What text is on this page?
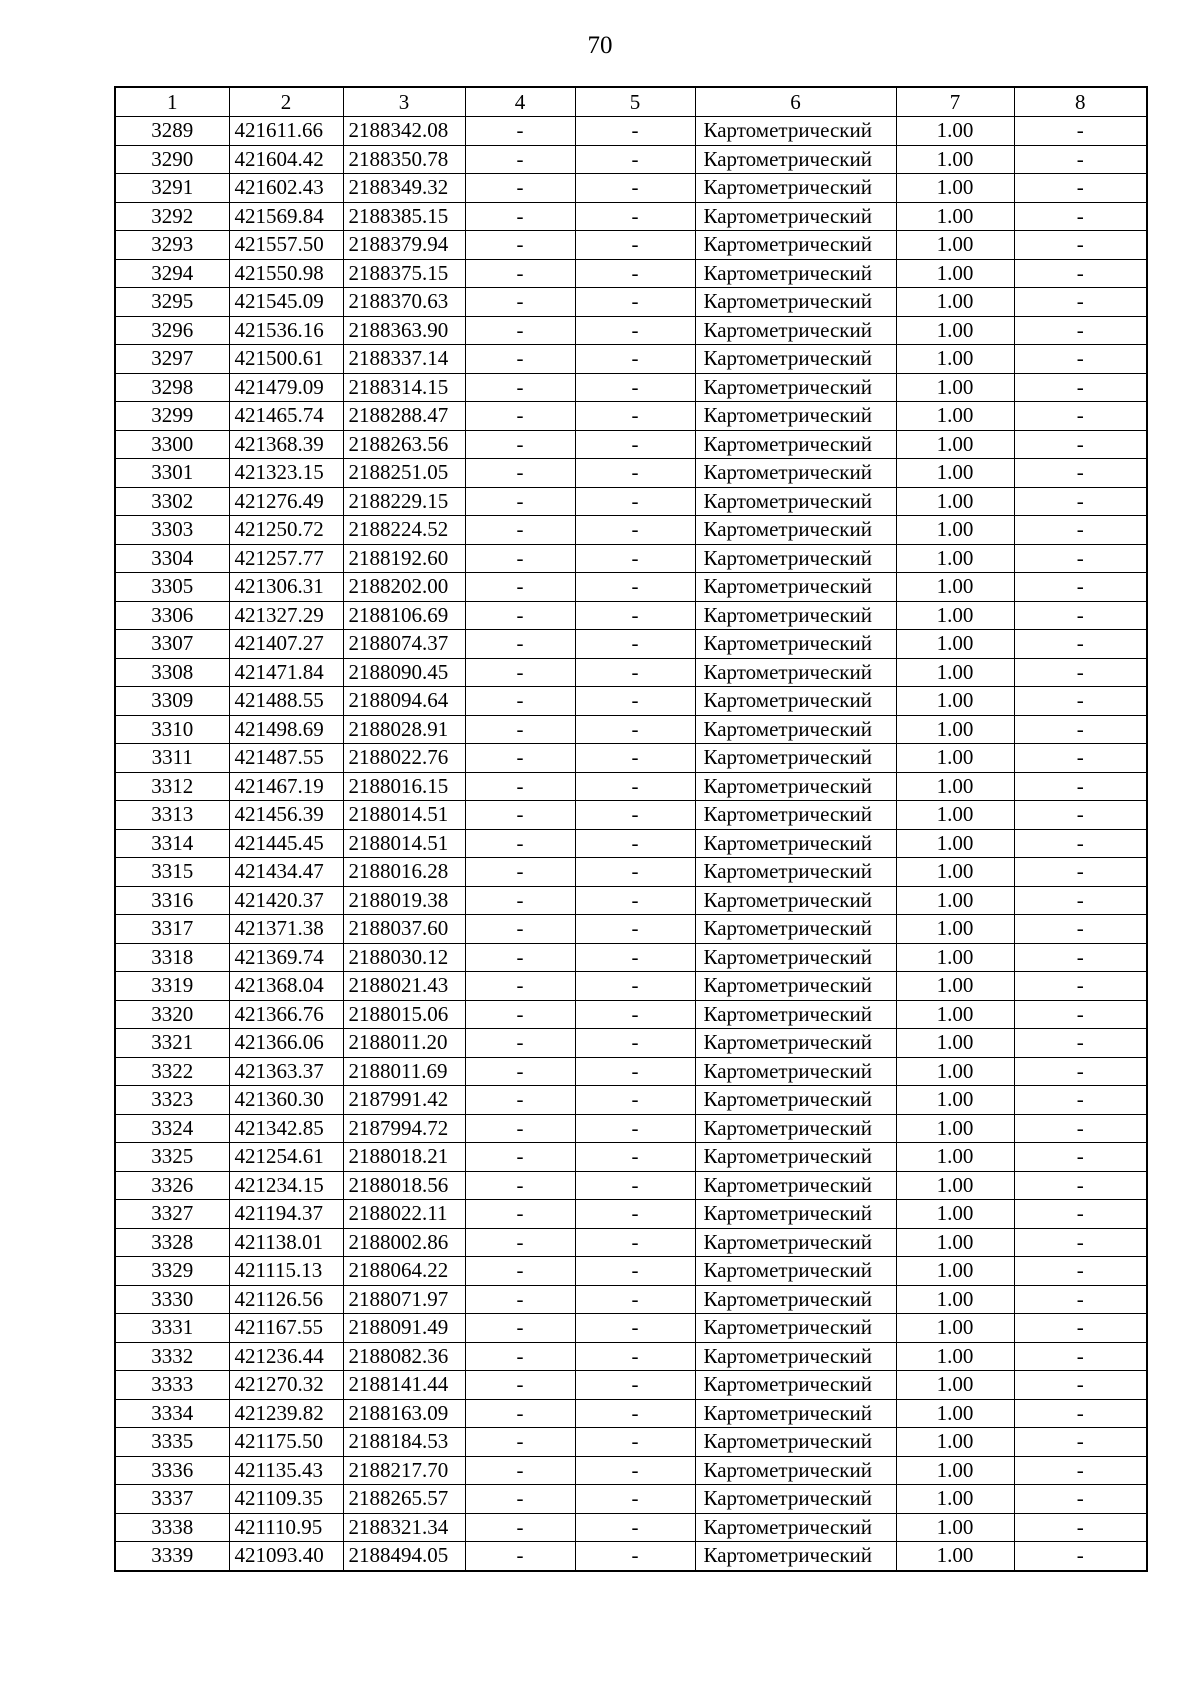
70
1	2	3	4	5	6	7	8
3289	421611.66	2188342.08	-	-	Картометрический	1.00	-
3290	421604.42	2188350.78	-	-	Картометрический	1.00	-
3291	421602.43	2188349.32	-	-	Картометрический	1.00	-
3292	421569.84	2188385.15	-	-	Картометрический	1.00	-
3293	421557.50	2188379.94	-	-	Картометрический	1.00	-
3294	421550.98	2188375.15	-	-	Картометрический	1.00	-
3295	421545.09	2188370.63	-	-	Картометрический	1.00	-
3296	421536.16	2188363.90	-	-	Картометрический	1.00	-
3297	421500.61	2188337.14	-	-	Картометрический	1.00	-
3298	421479.09	2188314.15	-	-	Картометрический	1.00	-
3299	421465.74	2188288.47	-	-	Картометрический	1.00	-
3300	421368.39	2188263.56	-	-	Картометрический	1.00	-
3301	421323.15	2188251.05	-	-	Картометрический	1.00	-
3302	421276.49	2188229.15	-	-	Картометрический	1.00	-
3303	421250.72	2188224.52	-	-	Картометрический	1.00	-
3304	421257.77	2188192.60	-	-	Картометрический	1.00	-
3305	421306.31	2188202.00	-	-	Картометрический	1.00	-
3306	421327.29	2188106.69	-	-	Картометрический	1.00	-
3307	421407.27	2188074.37	-	-	Картометрический	1.00	-
3308	421471.84	2188090.45	-	-	Картометрический	1.00	-
3309	421488.55	2188094.64	-	-	Картометрический	1.00	-
3310	421498.69	2188028.91	-	-	Картометрический	1.00	-
3311	421487.55	2188022.76	-	-	Картометрический	1.00	-
3312	421467.19	2188016.15	-	-	Картометрический	1.00	-
3313	421456.39	2188014.51	-	-	Картометрический	1.00	-
3314	421445.45	2188014.51	-	-	Картометрический	1.00	-
3315	421434.47	2188016.28	-	-	Картометрический	1.00	-
3316	421420.37	2188019.38	-	-	Картометрический	1.00	-
3317	421371.38	2188037.60	-	-	Картометрический	1.00	-
3318	421369.74	2188030.12	-	-	Картометрический	1.00	-
3319	421368.04	2188021.43	-	-	Картометрический	1.00	-
3320	421366.76	2188015.06	-	-	Картометрический	1.00	-
3321	421366.06	2188011.20	-	-	Картометрический	1.00	-
3322	421363.37	2188011.69	-	-	Картометрический	1.00	-
3323	421360.30	2187991.42	-	-	Картометрический	1.00	-
3324	421342.85	2187994.72	-	-	Картометрический	1.00	-
3325	421254.61	2188018.21	-	-	Картометрический	1.00	-
3326	421234.15	2188018.56	-	-	Картометрический	1.00	-
3327	421194.37	2188022.11	-	-	Картометрический	1.00	-
3328	421138.01	2188002.86	-	-	Картометрический	1.00	-
3329	421115.13	2188064.22	-	-	Картометрический	1.00	-
3330	421126.56	2188071.97	-	-	Картометрический	1.00	-
3331	421167.55	2188091.49	-	-	Картометрический	1.00	-
3332	421236.44	2188082.36	-	-	Картометрический	1.00	-
3333	421270.32	2188141.44	-	-	Картометрический	1.00	-
3334	421239.82	2188163.09	-	-	Картометрический	1.00	-
3335	421175.50	2188184.53	-	-	Картометрический	1.00	-
3336	421135.43	2188217.70	-	-	Картометрический	1.00	-
3337	421109.35	2188265.57	-	-	Картометрический	1.00	-
3338	421110.95	2188321.34	-	-	Картометрический	1.00	-
3339	421093.40	2188494.05	-	-	Картометрический	1.00	-
